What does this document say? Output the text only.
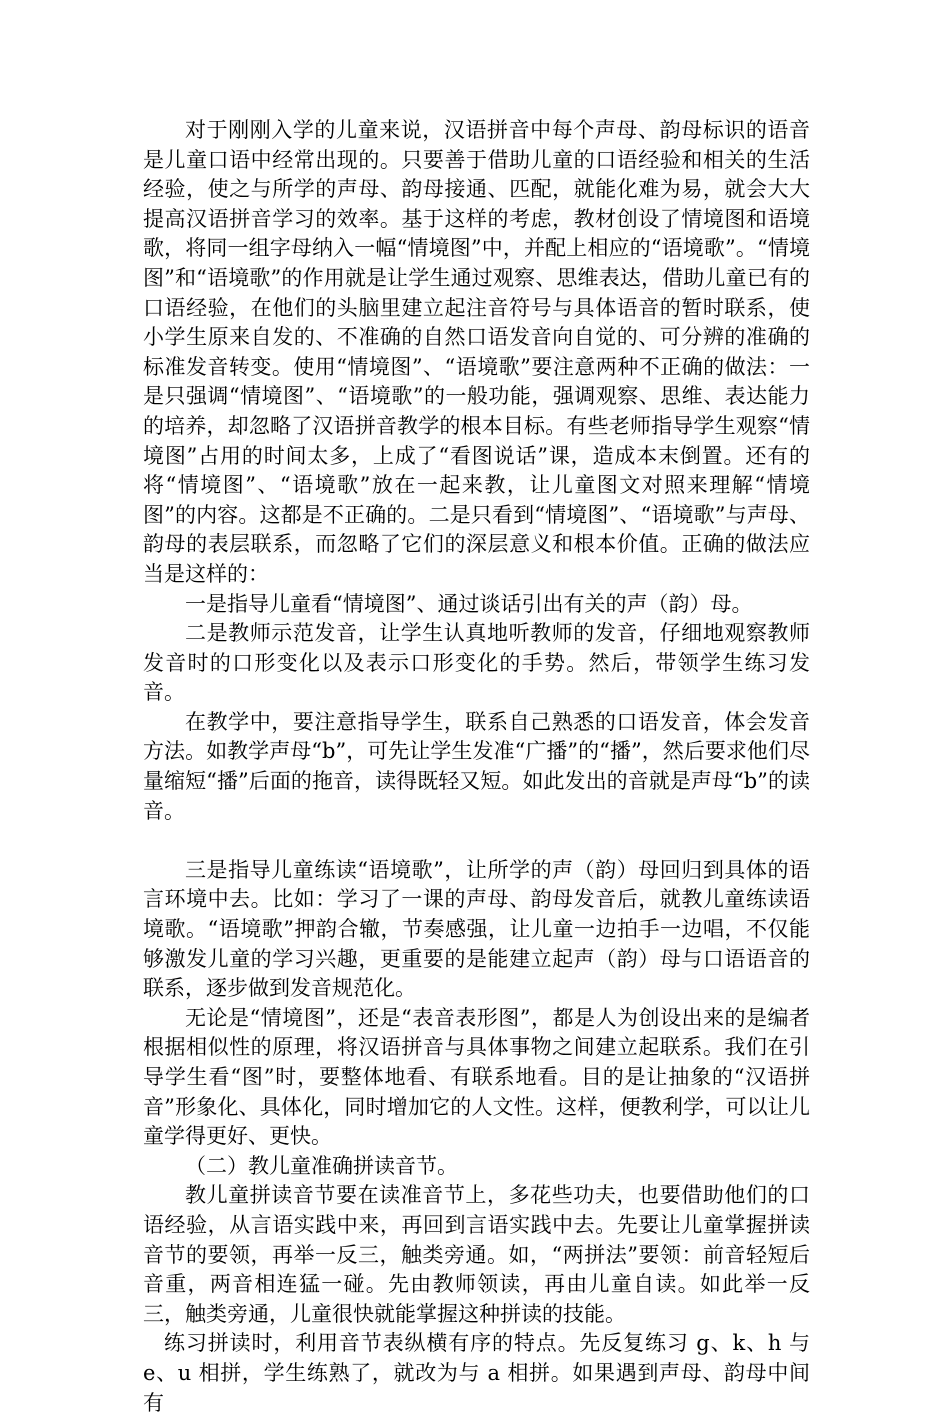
对于刚刚入学的儿童来说，汉语拼音中每个声母、韵母标识的语音是儿童口语中经常出现的。只要善于借助儿童的口语经验和相关的生活经验，使之与所学的声母、韵母接通、匹配，就能化难为易，就会大大提高汉语拼音学习的效率。基于这样的考虑，教材创设了情境图和语境歌，将同一组字母纳入一幅“情境图”中，并配上相应的“语境歌”。“情境图”和“语境歌”的作用就是让学生通过观察、思维表达，借助儿童已有的口语经验，在他们的头脑里建立起注音符号与具体语音的暂时联系，使小学生原来自发的、不准确的自然口语发音向自觉的、可分辨的准确的标准发音转变。使用“情境图”、“语境歌”要注意两种不正确的做法：一是只强调“情境图”、“语境歌”的一般功能，强调观察、思维、表达能力的培养，却忽略了汉语拼音教学的根本目标。有些老师指导学生观察“情境图”占用的时间太多，上成了“看图说话”课，造成本末倒置。还有的将“情境图”、“语境歌”放在一起来教，让儿童图文对照来理解“情境图”的内容。这都是不正确的。二是只看到“情境图”、“语境歌”与声母、韵母的表层联系，而忽略了它们的深层意义和根本价值。正确的做法应当是这样的：

一是指导儿童看“情境图”、通过谈话引出有关的声（韵）母。

二是教师示范发音，让学生认真地听教师的发音，仔细地观察教师发音时的口形变化以及表示口形变化的手势。然后，带领学生练习发音。

在教学中，要注意指导学生，联系自己熟悉的口语发音，体会发音方法。如教学声母“b”，可先让学生发准“广播”的“播”，然后要求他们尽量缩短“播”后面的拖音，读得既轻又短。如此发出的音就是声母“b”的读音。

三是指导儿童练读“语境歌”，让所学的声（韵）母回归到具体的语言环境中去。比如：学习了一课的声母、韵母发音后，就教儿童练读语境歌。“语境歌”押韵合辙，节奏感强，让儿童一边拍手一边唱，不仅能够激发儿童的学习兴趣，更重要的是能建立起声（韵）母与口语语音的联系，逐步做到发音规范化。

无论是“情境图”，还是“表音表形图”，都是人为创设出来的是编者根据相似性的原理，将汉语拼音与具体事物之间建立起联系。我们在引导学生看“图”时，要整体地看、有联系地看。目的是让抽象的“汉语拼音”形象化、具体化，同时增加它的人文性。这样，便教利学，可以让儿童学得更好、更快。

（二）教儿童准确拼读音节。

教儿童拼读音节要在读准音节上，多花些功夫，也要借助他们的口语经验，从言语实践中来，再回到言语实践中去。先要让儿童掌握拼读音节的要领，再举一反三，触类旁通。如，“两拼法”要领：前音轻短后音重，两音相连猛一碰。先由教师领读，再由儿童自读。如此举一反三，触类旁通，儿童很快就能掌握这种拼读的技能。

练习拼读时，利用音节表纵横有序的特点。先反复练习 g、k、h 与 e、u 相拼，学生练熟了，就改为与 a 相拼。如果遇到声母、韵母中间有
